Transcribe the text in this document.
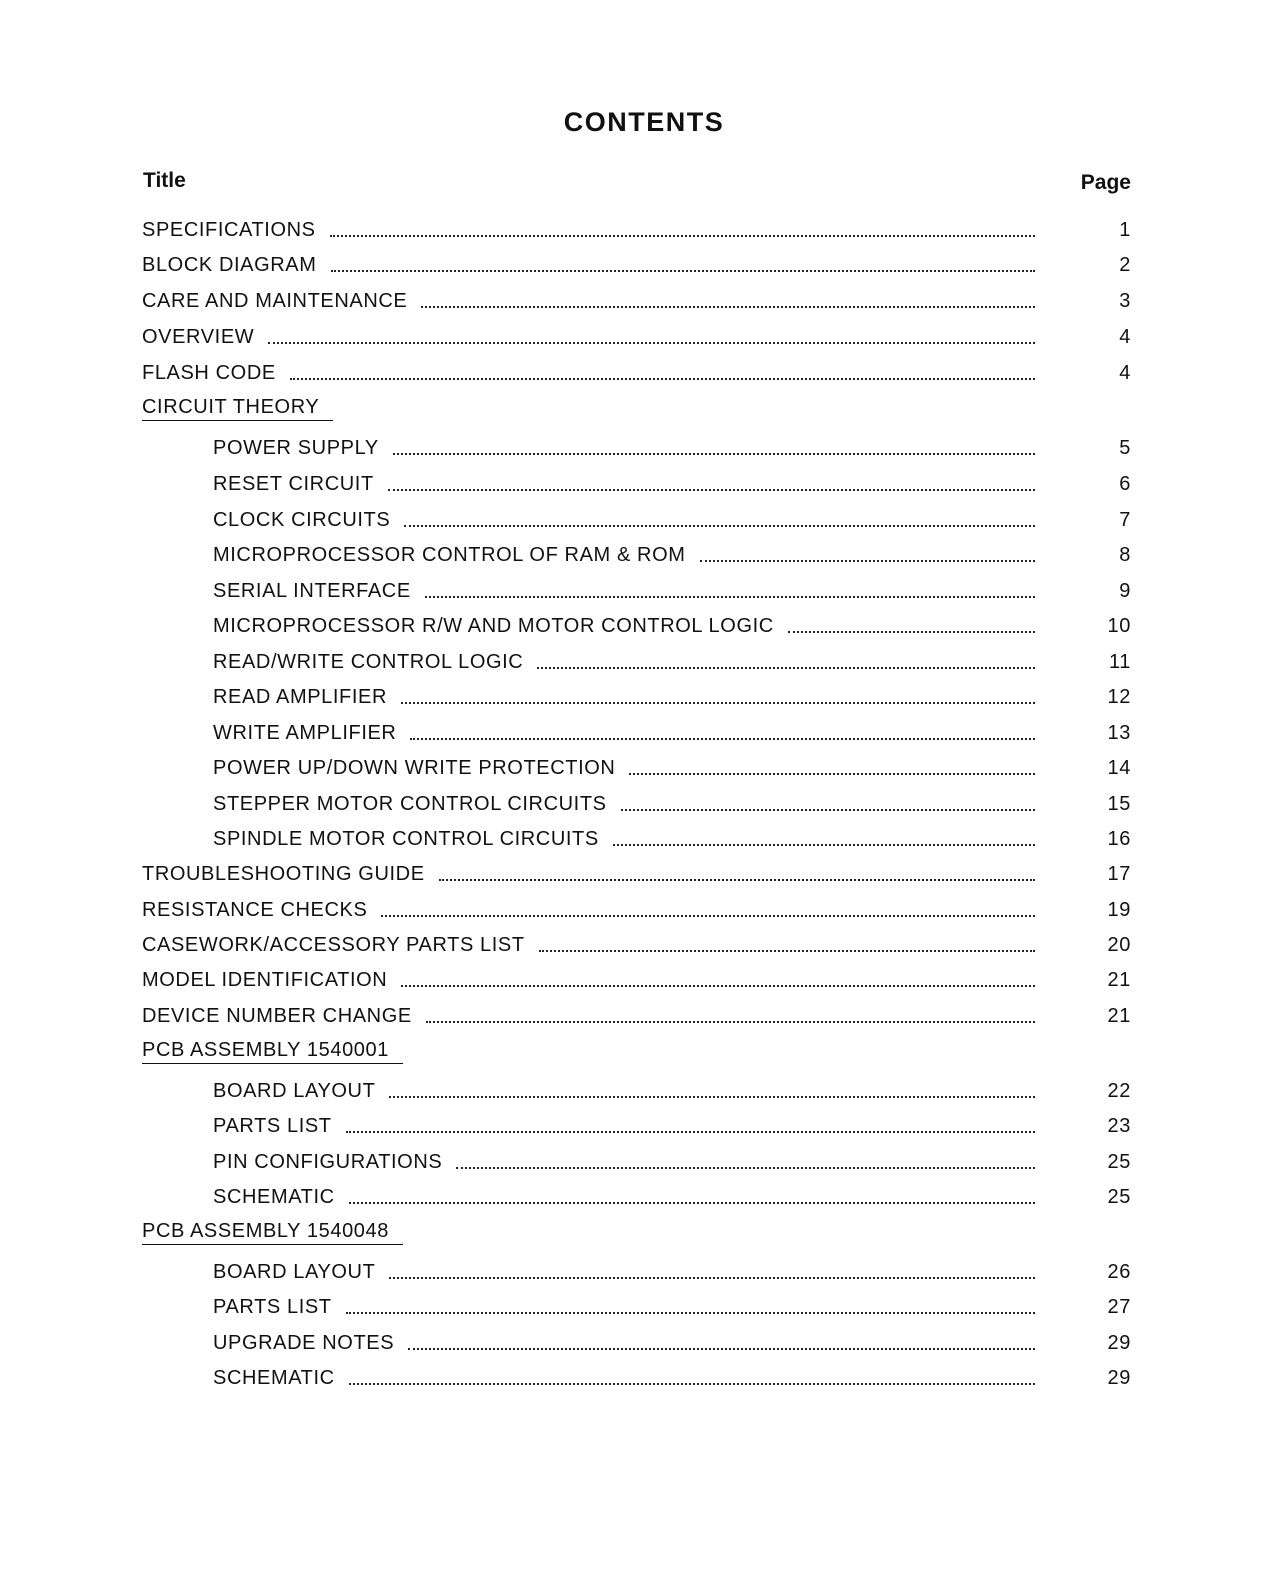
CONTENTS
Title	Page
SPECIFICATIONS	1
BLOCK DIAGRAM	2
CARE AND MAINTENANCE	3
OVERVIEW	4
FLASH CODE	4
CIRCUIT THEORY
POWER SUPPLY	5
RESET CIRCUIT	6
CLOCK CIRCUITS	7
MICROPROCESSOR CONTROL OF RAM & ROM	8
SERIAL INTERFACE	9
MICROPROCESSOR R/W AND MOTOR CONTROL LOGIC	10
READ/WRITE CONTROL LOGIC	11
READ AMPLIFIER	12
WRITE AMPLIFIER	13
POWER UP/DOWN WRITE PROTECTION	14
STEPPER MOTOR CONTROL CIRCUITS	15
SPINDLE MOTOR CONTROL CIRCUITS	16
TROUBLESHOOTING GUIDE	17
RESISTANCE CHECKS	19
CASEWORK/ACCESSORY PARTS LIST	20
MODEL IDENTIFICATION	21
DEVICE NUMBER CHANGE	21
PCB ASSEMBLY 1540001
BOARD LAYOUT	22
PARTS LIST	23
PIN CONFIGURATIONS	25
SCHEMATIC	25
PCB ASSEMBLY 1540048
BOARD LAYOUT	26
PARTS LIST	27
UPGRADE NOTES	29
SCHEMATIC	29
